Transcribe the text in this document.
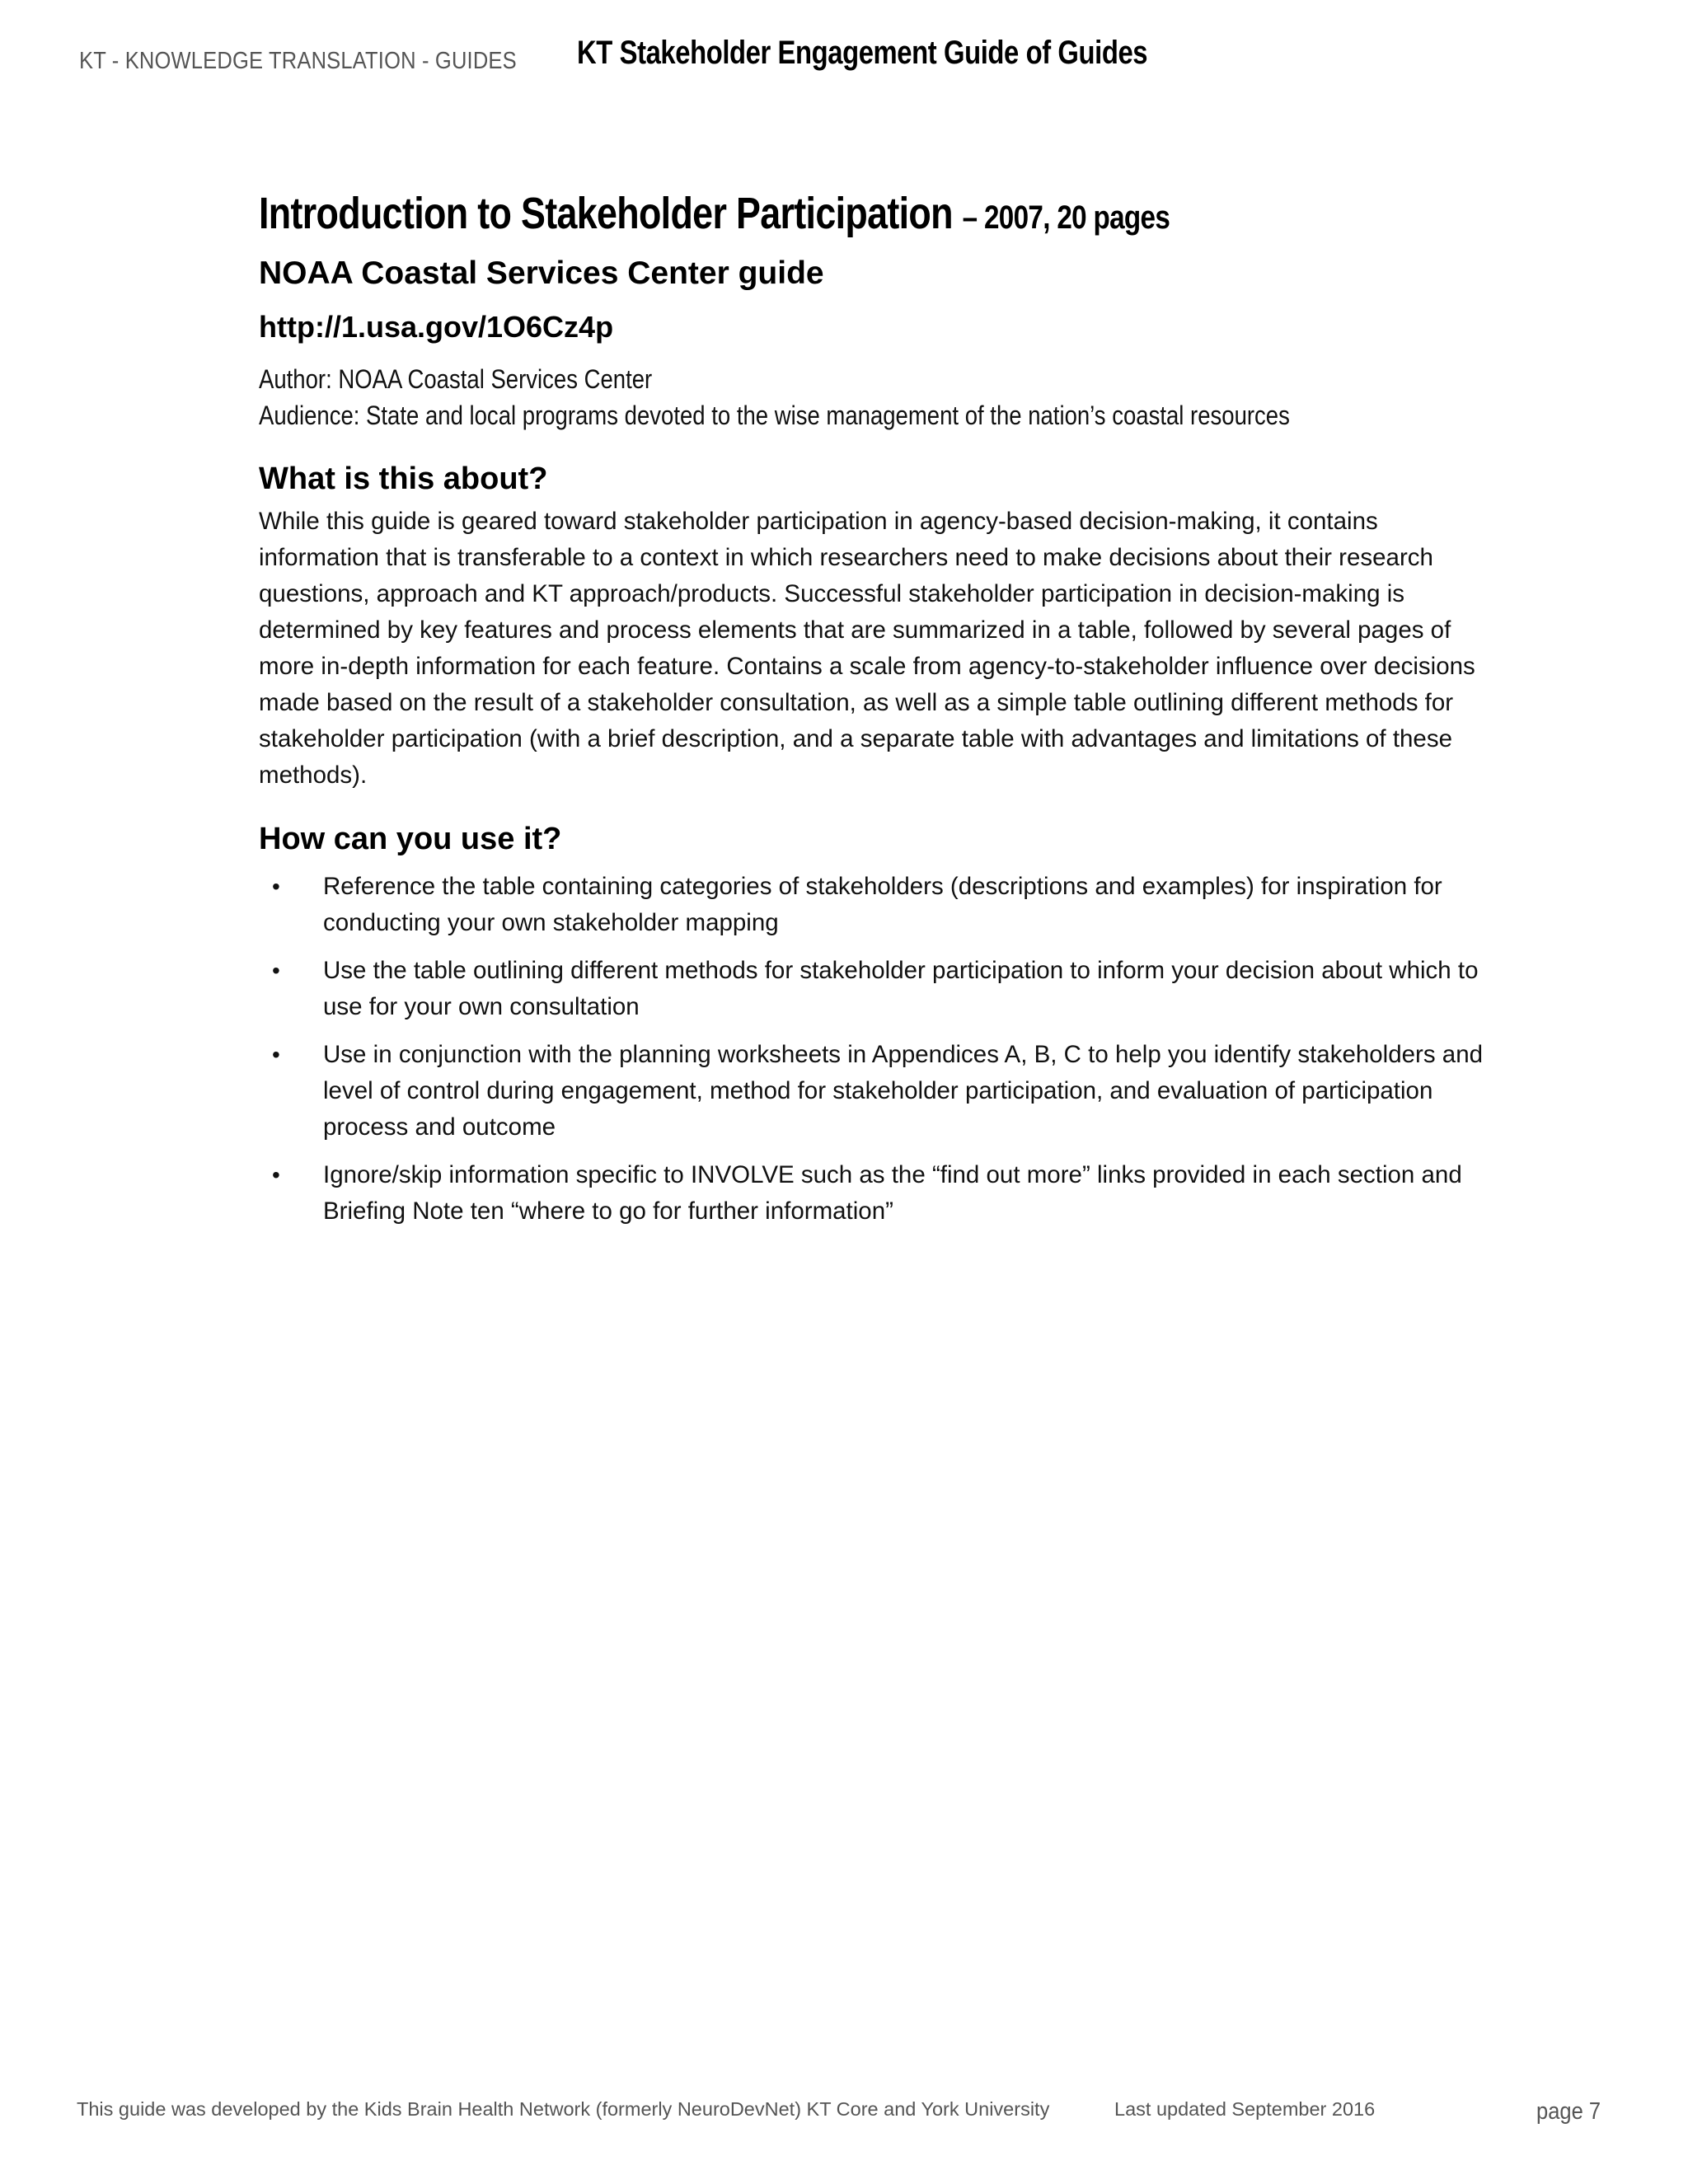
KT - KNOWLEDGE TRANSLATION - GUIDES KT Stakeholder Engagement Guide of Guides
Introduction to Stakeholder Participation – 2007, 20 pages
NOAA Coastal Services Center guide
http://1.usa.gov/1O6Cz4p
Author: NOAA Coastal Services Center
Audience: State and local programs devoted to the wise management of the nation’s coastal resources
What is this about?

While this guide is geared toward stakeholder participation in agency-based decision-making, it contains information that is transferable to a context in which researchers need to make decisions about their research questions, approach and KT approach/products. Successful stakeholder participation in decision-making is determined by key features and process elements that are summarized in a table, followed by several pages of more in-depth information for each feature. Contains a scale from agency-to-stakeholder influence over decisions made based on the result of a stakeholder consultation, as well as a simple table outlining different methods for stakeholder participation (with a brief description, and a separate table with advantages and limitations of these methods).

How can you use it?
• Reference the table containing categories of stakeholders (descriptions and examples) for inspiration for conducting your own stakeholder mapping
• Use the table outlining different methods for stakeholder participation to inform your decision about which to use for your own consultation
• Use in conjunction with the planning worksheets in Appendices A, B, C to help you identify stakeholders and level of control during engagement, method for stakeholder participation, and evaluation of participation process and outcome
• Ignore/skip information specific to INVOLVE such as the “find out more” links provided in each section and Briefing Note ten “where to go for further information”
This guide was developed by the Kids Brain Health Network (formerly NeuroDevNet) KT Core and York University	Last updated September 2016	page 7
